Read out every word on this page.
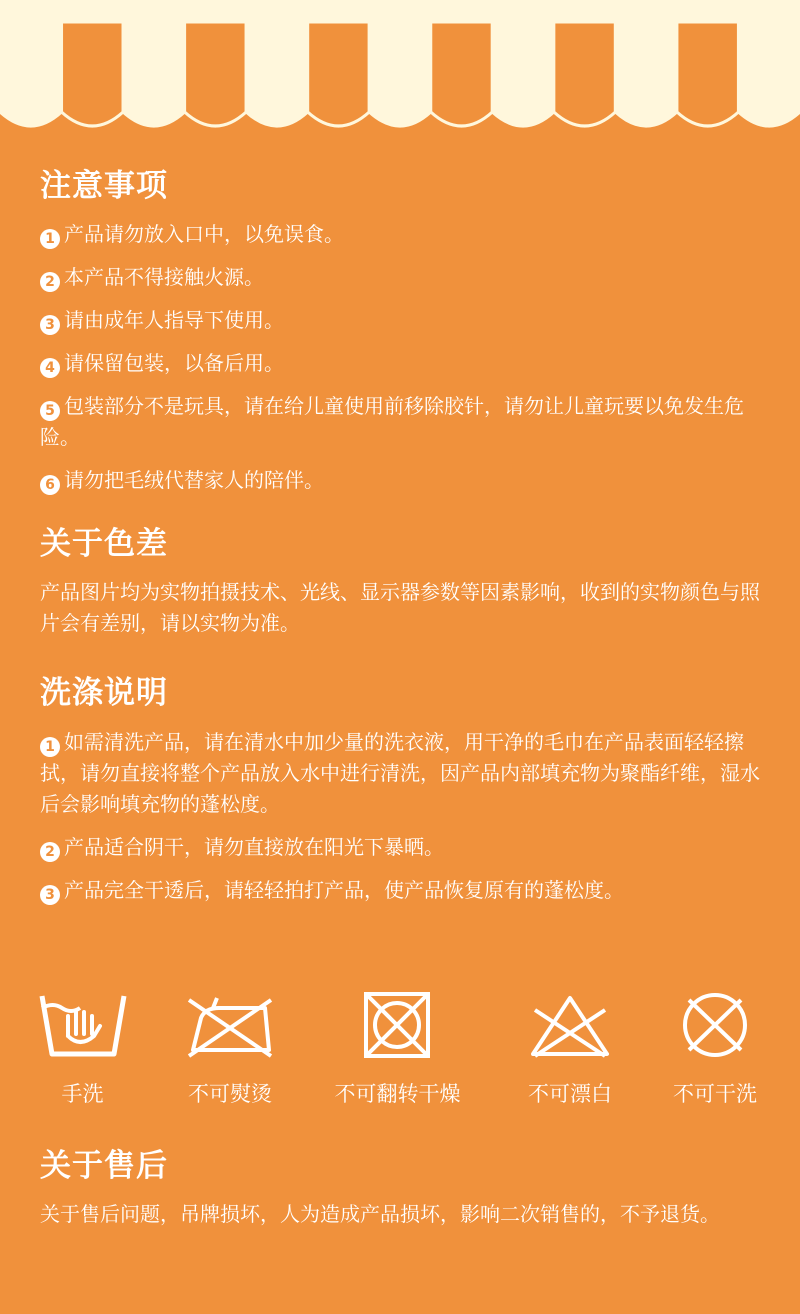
注意事项
1 产品请勿放入口中，以免误食。
2 本产品不得接触火源。
3 请由成年人指导下使用。
4 请保留包装，以备后用。
5 包装部分不是玩具，请在给儿童使用前移除胶针，请勿让儿童玩要以免发生危险。
6 请勿把毛绒代替家人的陪伴。
关于色差

产品图片均为实物拍摄技术、光线、显示器参数等因素影响，收到的实物颜色与照片会有差别，请以实物为准。

洗涤说明
1 如需清洗产品，请在清水中加少量的洗衣液，用干净的毛巾在产品表面轻轻擦拭，请勿直接将整个产品放入水中进行清洗，因产品内部填充物为聚酯纤维，湿水后会影响填充物的蓬松度。
2 产品适合阴干，请勿直接放在阳光下暴晒。
3 产品完全干透后，请轻轻拍打产品，使产品恢复原有的蓬松度。
手洗	不可熨烫	不可翻转干燥	不可漂白	不可干洗
关于售后

关于售后问题，吊牌损坏，人为造成产品损坏，影响二次销售的，不予退货。
